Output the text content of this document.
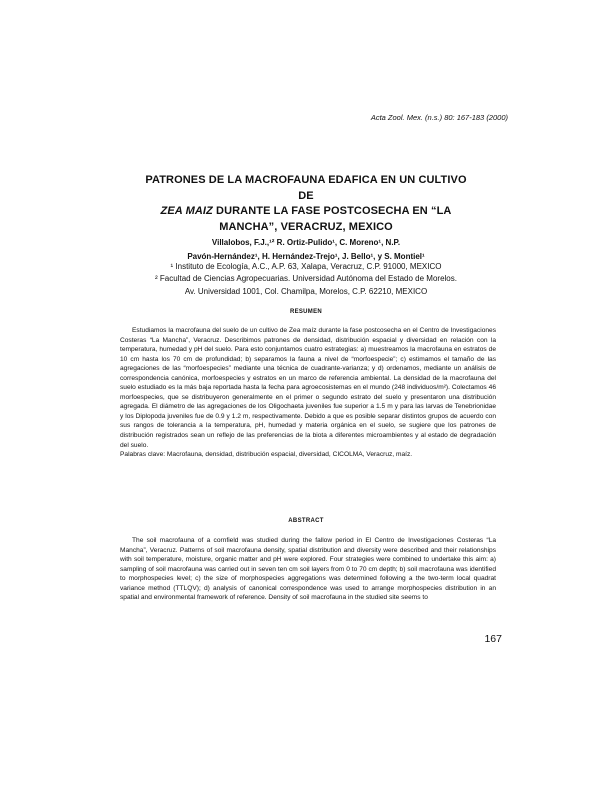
Acta Zool. Mex. (n.s.) 80: 167-183 (2000)
PATRONES DE LA MACROFAUNA EDAFICA EN UN CULTIVO DE
ZEA MAIZ DURANTE LA FASE POSTCOSECHA EN “LA
MANCHA”, VERACRUZ, MEXICO
Villalobos, F.J.,¹² R. Ortiz-Pulido¹, C. Moreno¹, N.P.
Pavón-Hernández¹, H. Hernández-Trejo¹, J. Bello¹, y S. Montiel¹
¹ Instituto de Ecología, A.C., A.P. 63, Xalapa, Veracruz, C.P. 91000, MEXICO
² Facultad de Ciencias Agropecuarias. Universidad Autónoma del Estado de Morelos.
Av. Universidad 1001, Col. Chamilpa, Morelos, C.P. 62210, MEXICO
RESUMEN

Estudiamos la macrofauna del suelo de un cultivo de Zea maíz durante la fase postcosecha en el Centro de Investigaciones Costeras “La Mancha”, Veracruz. Describimos patrones de densidad, distribución espacial y diversidad en relación con la temperatura, humedad y pH del suelo. Para esto conjuntamos cuatro estrategias: a) muestreamos la macrofauna en estratos de 10 cm hasta los 70 cm de profundidad; b) separamos la fauna a nivel de “morfoespecie”; c) estimamos el tamaño de las agregaciones de las “morfoespecies” mediante una técnica de cuadrante-varianza; y d) ordenamos, mediante un análisis de correspondencia canónica, morfoespecies y estratos en un marco de referencia ambiental. La densidad de la macrofauna del suelo estudiado es la más baja reportada hasta la fecha para agroecosistemas en el mundo (248 individuos/m²). Colectamos 46 morfoespecies, que se distribuyeron generalmente en el primer o segundo estrato del suelo y presentaron una distribución agregada. El diámetro de las agregaciones de los Oligochaeta juveniles fue superior a 1.5 m y para las larvas de Tenebrionidae y los Diplopoda juveniles fue de 0.9 y 1.2 m, respectivamente. Debido a que es posible separar distintos grupos de acuerdo con sus rangos de tolerancia a la temperatura, pH, humedad y materia orgánica en el suelo, se sugiere que los patrones de distribución registrados sean un reflejo de las preferencias de la biota a diferentes microambientes y al estado de degradación del suelo.

Palabras clave: Macrofauna, densidad, distribución espacial, diversidad, CICOLMA, Veracruz, maíz.

ABSTRACT

The soil macrofauna of a cornfield was studied during the fallow period in El Centro de Investigaciones Costeras “La Mancha”, Veracruz. Patterns of soil macrofauna density, spatial distribution and diversity were described and their relationships with soil temperature, moisture, organic matter and pH were explored. Four strategies were combined to undertake this aim: a) sampling of soil macrofauna was carried out in seven ten cm soil layers from 0 to 70 cm depth; b) soil macrofauna was identified to morphospecies level; c) the size of morphospecies aggregations was determined following a the two-term local quadrat variance method (TTLQV); d) analysis of canonical correspondence was used to arrange morphospecies distribution in an spatial and environmental framework of reference. Density of soil macrofauna in the studied site seems to

167
